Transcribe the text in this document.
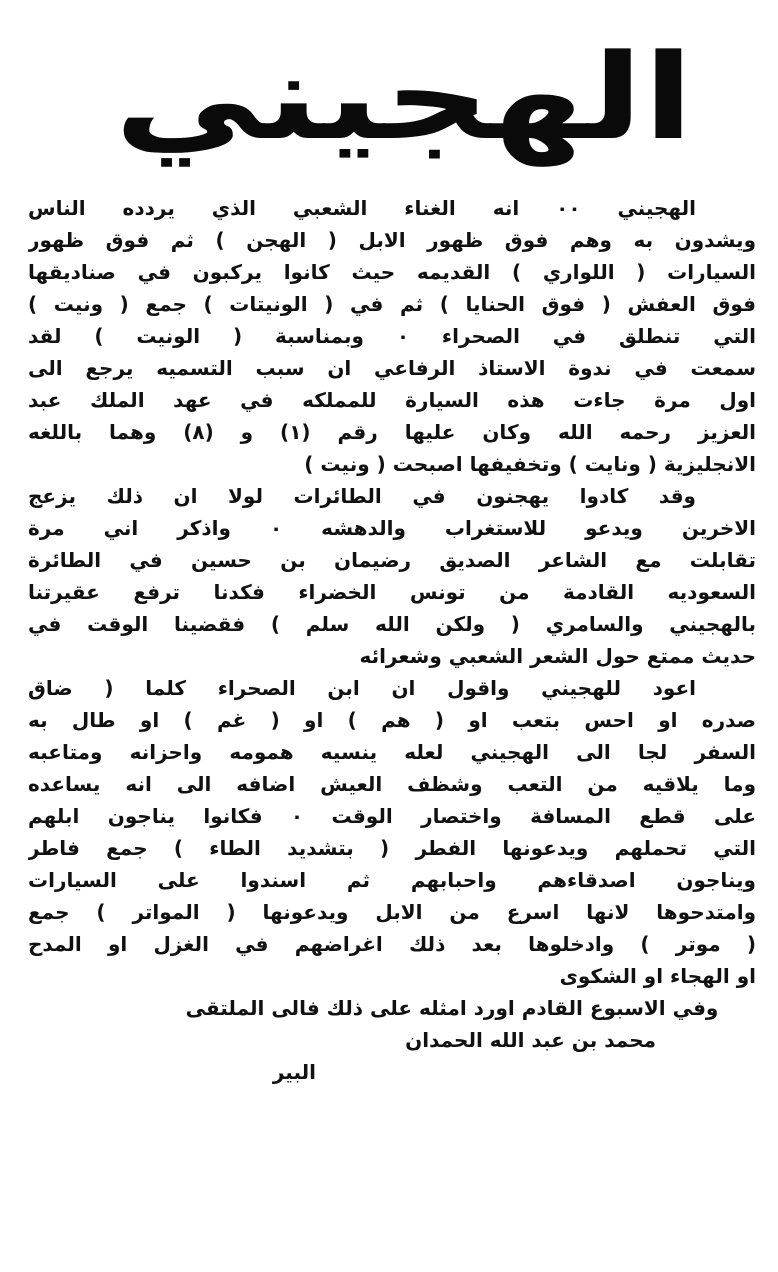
الهجيني
الهجيني ٠٠ انه الغناء الشعبي الذي يردده الناس
ويشدون به وهم فوق ظهور الابل ( الهجن ) ثم فوق ظهور
السيارات ( اللواري ) القديمه حيث كانوا يركبون في صناديقها
فوق العفش ( فوق الحنايا ) ثم في ( الونيتات ) جمع ( ونيت )
التي تنطلق في الصحراء ٠ وبمناسبة ( الونيت ) لقد
سمعت في ندوة الاستاذ الرفاعي ان سبب التسميه يرجع الى
اول مرة جاءت هذه السيارة للمملكه في عهد الملك عبد
العزيز رحمه الله وكان عليها رقم (١) و (٨) وهما باللغه
الانجليزية ( ونايت ) وتخفيفها اصبحت ( ونيت )
وقد كادوا يهجنون في الطائرات لولا ان ذلك يزعج
الاخرين ويدعو للاستغراب والدهشه ٠ واذكر اني مرة
تقابلت مع الشاعر الصديق رضيمان بن حسين في الطائرة
السعوديه القادمة من تونس الخضراء فكدنا ترفع عقيرتنا
بالهجيني والسامري ( ولكن الله سلم ) فقضينا الوقت في
حديث ممتع حول الشعر الشعبي وشعرائه
اعود للهجيني واقول ان ابن الصحراء كلما ( ضاق
صدره او احس بتعب او ( هم ) او ( غم ) او طال به
السفر لجا الى الهجيني لعله ينسيه همومه واحزانه ومتاعبه
وما يلاقيه من التعب وشظف العيش اضافه الى انه يساعده
على قطع المسافة واختصار الوقت ٠ فكانوا يناجون ابلهم
التي تحملهم ويدعونها الفطر ( بتشديد الطاء ) جمع فاطر
ويناجون اصدقاءهم واحبابهم ثم اسندوا على السيارات
وامتدحوها لانها اسرع من الابل ويدعونها ( المواتر ) جمع
( موتر ) وادخلوها بعد ذلك اغراضهم في الغزل او المدح
او الهجاء او الشكوى
وفي الاسبوع القادم اورد امثله على ذلك فالى الملتقى
محمد بن عبد الله الحمدان
البير
